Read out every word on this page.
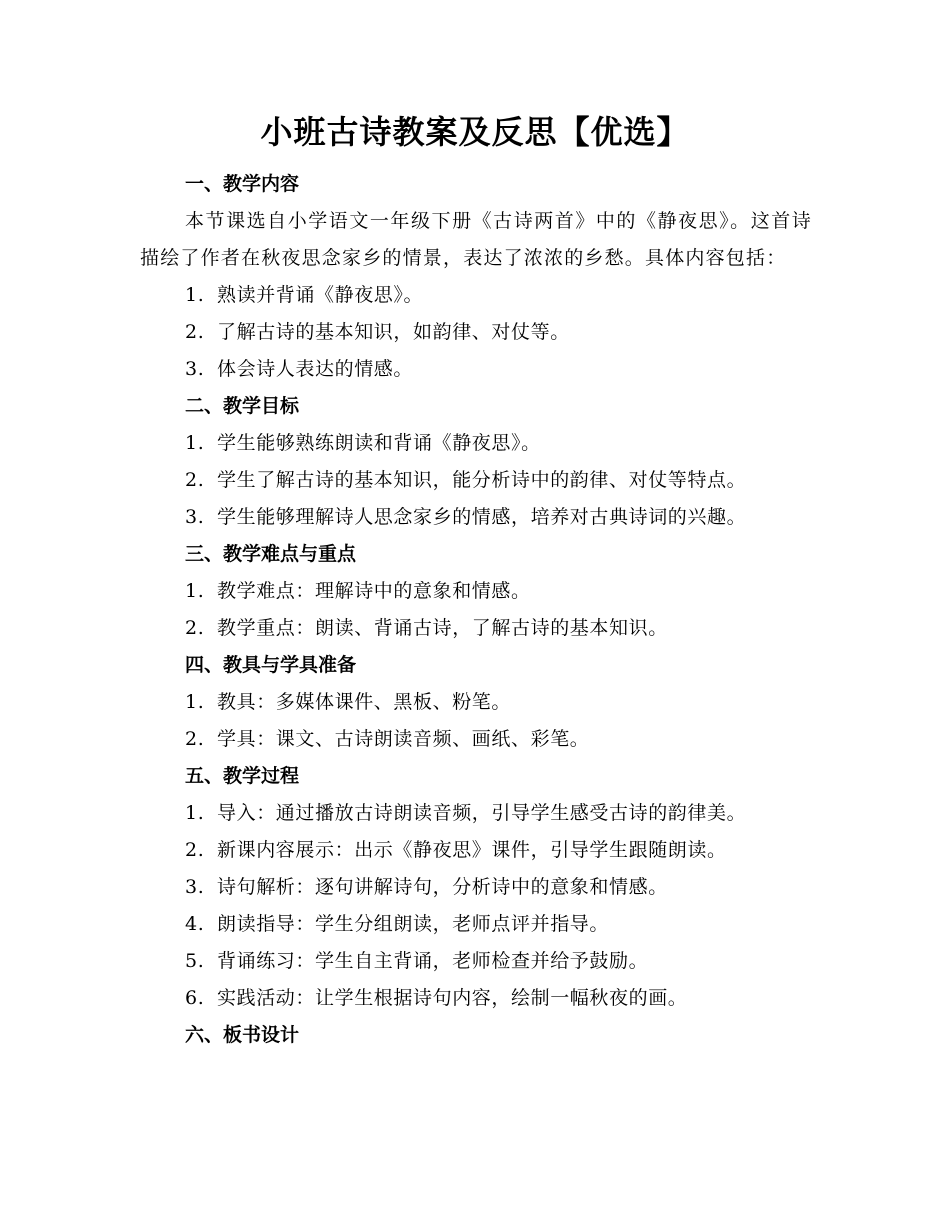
小班古诗教案及反思【优选】
一、教学内容
本节课选自小学语文一年级下册《古诗两首》中的《静夜思》。这首诗描绘了作者在秋夜思念家乡的情景，表达了浓浓的乡愁。具体内容包括：
1. 熟读并背诵《静夜思》。
2. 了解古诗的基本知识，如韵律、对仗等。
3. 体会诗人表达的情感。
二、教学目标
1. 学生能够熟练朗读和背诵《静夜思》。
2. 学生了解古诗的基本知识，能分析诗中的韵律、对仗等特点。
3. 学生能够理解诗人思念家乡的情感，培养对古典诗词的兴趣。
三、教学难点与重点
1. 教学难点：理解诗中的意象和情感。
2. 教学重点：朗读、背诵古诗，了解古诗的基本知识。
四、教具与学具准备
1. 教具：多媒体课件、黑板、粉笔。
2. 学具：课文、古诗朗读音频、画纸、彩笔。
五、教学过程
1. 导入：通过播放古诗朗读音频，引导学生感受古诗的韵律美。
2. 新课内容展示：出示《静夜思》课件，引导学生跟随朗读。
3. 诗句解析：逐句讲解诗句，分析诗中的意象和情感。
4. 朗读指导：学生分组朗读，老师点评并指导。
5. 背诵练习：学生自主背诵，老师检查并给予鼓励。
6. 实践活动：让学生根据诗句内容，绘制一幅秋夜的画。
六、板书设计
